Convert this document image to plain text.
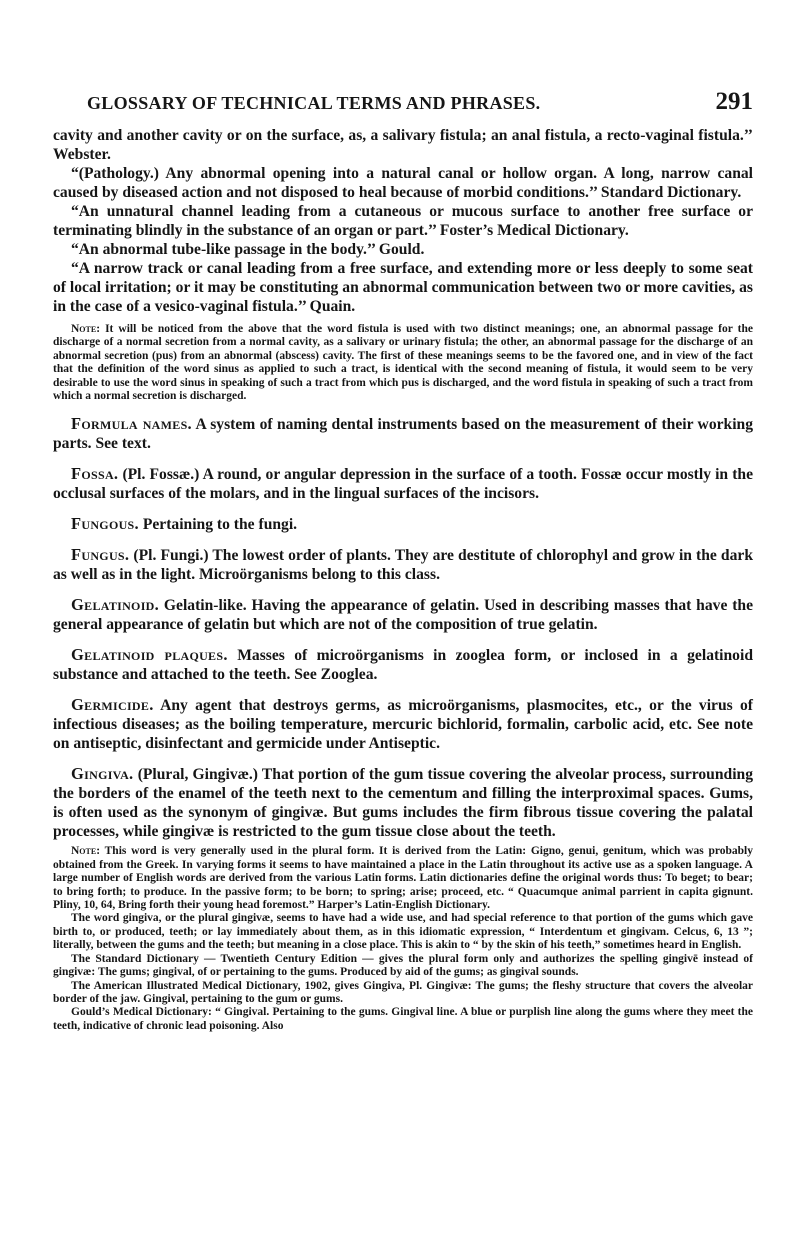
GLOSSARY OF TECHNICAL TERMS AND PHRASES.	291

cavity and another cavity or on the surface, as, a salivary fistula; an anal fistula, a recto-vaginal fistula.’’ Webster.

“(Pathology.) Any abnormal opening into a natural canal or hollow organ. A long, narrow canal caused by diseased action and not disposed to heal because of morbid conditions.’’ Standard Dictionary.

“An unnatural channel leading from a cutaneous or mucous surface to another free surface or terminating blindly in the substance of an organ or part.’’ Foster’s Medical Dictionary.

“An abnormal tube-like passage in the body.’’ Gould.

“A narrow track or canal leading from a free surface, and extending more or less deeply to some seat of local irritation; or it may be constituting an abnormal communication between two or more cavities, as in the case of a vesico-vaginal fistula.’’ Quain.

Note: It will be noticed from the above that the word fistula is used with two distinct meanings; one, an abnormal passage for the discharge of a normal secretion from a normal cavity, as a salivary or urinary fistula; the other, an abnormal passage for the discharge of an abnormal secretion (pus) from an abnormal (abscess) cavity. The first of these meanings seems to be the favored one, and in view of the fact that the definition of the word sinus as applied to such a tract, is identical with the second meaning of fistula, it would seem to be very desirable to use the word sinus in speaking of such a tract from which pus is discharged, and the word fistula in speaking of such a tract from which a normal secretion is discharged.

Formula names. A system of naming dental instruments based on the measurement of their working parts. See text.

Fossa. (Pl. Fossæ.) A round, or angular depression in the surface of a tooth. Fossæ occur mostly in the occlusal surfaces of the molars, and in the lingual surfaces of the incisors.

Fungous. Pertaining to the fungi.

Fungus. (Pl. Fungi.) The lowest order of plants. They are destitute of chlorophyl and grow in the dark as well as in the light. Microörganisms belong to this class.

Gelatinoid. Gelatin-like. Having the appearance of gelatin. Used in describing masses that have the general appearance of gelatin but which are not of the composition of true gelatin.

Gelatinoid plaques. Masses of microörganisms in zooglea form, or inclosed in a gelatinoid substance and attached to the teeth. See Zooglea.

Germicide. Any agent that destroys germs, as microörganisms, plasmocites, etc., or the virus of infectious diseases; as the boiling temperature, mercuric bichlorid, formalin, carbolic acid, etc. See note on antiseptic, disinfectant and germicide under Antiseptic.

Gingiva. (Plural, Gingivæ.) That portion of the gum tissue covering the alveolar process, surrounding the borders of the enamel of the teeth next to the cementum and filling the interproximal spaces. Gums, is often used as the synonym of gingivæ. But gums includes the firm fibrous tissue covering the palatal processes, while gingivæ is restricted to the gum tissue close about the teeth.

Note: This word is very generally used in the plural form. It is derived from the Latin: Gigno, genui, genitum, which was probably obtained from the Greek. In varying forms it seems to have maintained a place in the Latin throughout its active use as a spoken language. A large number of English words are derived from the various Latin forms. Latin dictionaries define the original words thus: To beget; to bear; to bring forth; to produce. In the passive form; to be born; to spring; arise; proceed, etc. “ Quacumque animal parrient in capita gignunt. Pliny, 10, 64, Bring forth their young head foremost.” Harper’s Latin-English Dictionary.

The word gingiva, or the plural gingivæ, seems to have had a wide use, and had special reference to that portion of the gums which gave birth to, or produced, teeth; or lay immediately about them, as in this idiomatic expression, “ Interdentum et gingivam. Celcus, 6, 13 ”; literally, between the gums and the teeth; but meaning in a close place. This is akin to “ by the skin of his teeth,” sometimes heard in English.

The Standard Dictionary — Twentieth Century Edition — gives the plural form only and authorizes the spelling gingivē instead of gingivæ: The gums; gingival, of or pertaining to the gums. Produced by aid of the gums; as gingival sounds.

The American Illustrated Medical Dictionary, 1902, gives Gingiva, Pl. Gingivæ: The gums; the fleshy structure that covers the alveolar border of the jaw. Gingival, pertaining to the gum or gums.

Gould’s Medical Dictionary: “ Gingival. Pertaining to the gums. Gingival line. A blue or purplish line along the gums where they meet the teeth, indicative of chronic lead poisoning. Also
